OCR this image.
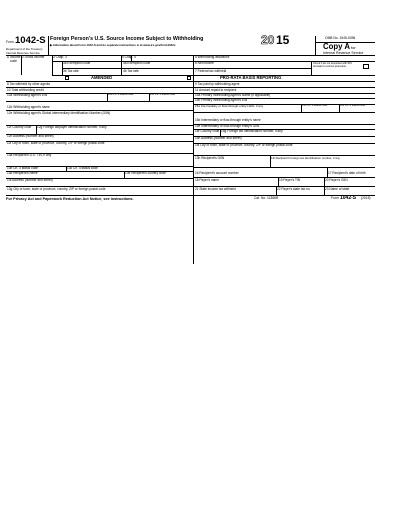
Form 1042-S
Department of the Treasury
Internal Revenue Service
Foreign Person’s U.S. Source Income Subject to Withholding
▶ Information about Form 1042-S and its separate instructions is at www.irs.gov/form1042s	20 15	OMB No. 1545-0096
Copy A for
Internal Revenue Service
1 Income code
2 Gross income	3 Chap. 3
3a Exemption code
3b Tax rate
4 Chap. 4
4a Exemption code
4b Tax rate
5 Withholding allowance
6 Net income
7 Federal tax withheld
Check if tax not deposited with IRS
pursuant to escrow procedure
AMENDED	PRO-RATA BASIS REPORTING
8 Tax withheld by other agents	9 Tax paid by withholding agent
10 Total withholding credit	11 Amount repaid to recipient
12a Withholding agent’s EIN	12b Ch. 3 status code	12c Ch. 4 status code
12d Withholding agent’s name
12e Withholding agent’s Global Intermediary Identification Number (GIIN)
12f Country code 12g Foreign taxpayer identification number, if any
12h Address (number and street)
12i City or town, state or province, country, ZIP or foreign postal code
13a Recipient’s U.S. TIN, if any
13b Ch. 3 status code	13c Ch. 4 status code
13d Recipient’s name	13e Recipient’s country code
13f Address (number and street)
13g City or town, state or province, country, ZIP or foreign postal code
14a Primary Withholding Agent’s Name (if applicable)
14b Primary Withholding Agent’s EIN
15a Intermediary or flow-through entity’s EIN, if any	15b Ch. 3 status code	15c Ch. 4 status code
15d Intermediary or flow-through entity’s name
15e Intermediary or flow-through entity’s GIIN
15f Country code 15g Foreign tax identification number, if any
15h Address (number and street)
15i City or town, state or province, country, ZIP or foreign postal code
13h Recipient’s GIIN	13i Recipient’s foreign tax identification number, if any
16 Recipient’s account number	17 Recipient’s date of birth
18 Payer’s name	19 Payer’s TIN	20 Payer’s GIIN
21 State income tax withheld	22 Payer’s state tax no.	23 Name of state
For Privacy Act and Paperwork Reduction Act Notice, see instructions.	Cat. No. 11386R	Form 1042-S (2015)
